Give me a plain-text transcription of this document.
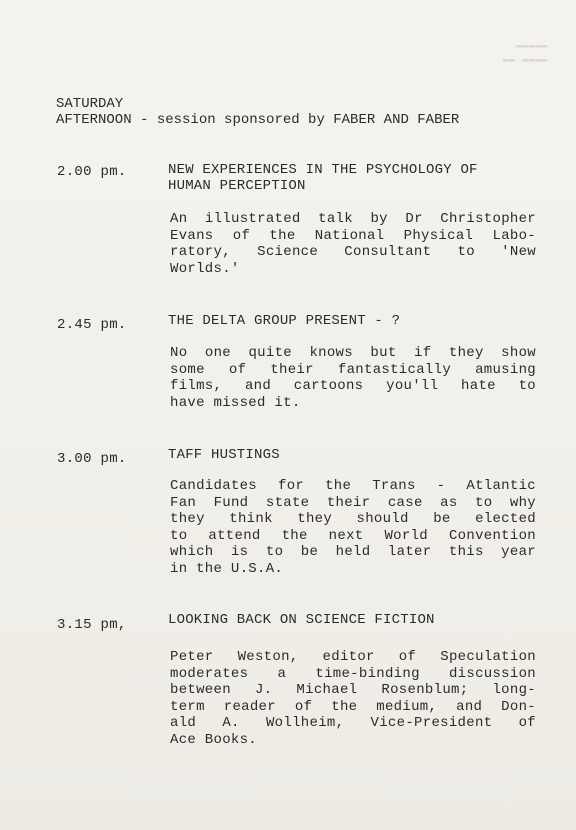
▬▬▬▬▬
▬▬ ▬▬▬▬
SATURDAY
AFTERNOON - session sponsored by FABER AND FABER
2.00 pm.	NEW EXPERIENCES IN THE PSYCHOLOGY OF
HUMAN PERCEPTION
An illustrated talk by Dr Christopher
Evans of the National Physical Labo-
ratory, Science Consultant to 'New
Worlds.'
2.45 pm.	THE DELTA GROUP PRESENT - ?
No one quite knows but if they show
some of their fantastically amusing
films, and cartoons you'll hate to
have missed it.
3.00 pm.	TAFF HUSTINGS
Candidates for the Trans - Atlantic
Fan Fund state their case as to why
they think they should be elected
to attend the next World Convention
which is to be held later this year
in the U.S.A.
3.15 pm,	LOOKING BACK ON SCIENCE FICTION
Peter Weston, editor of Speculation
moderates a time-binding discussion
between J. Michael Rosenblum; long-
term reader of the medium, and Don-
ald A. Wollheim, Vice-President of
Ace Books.
